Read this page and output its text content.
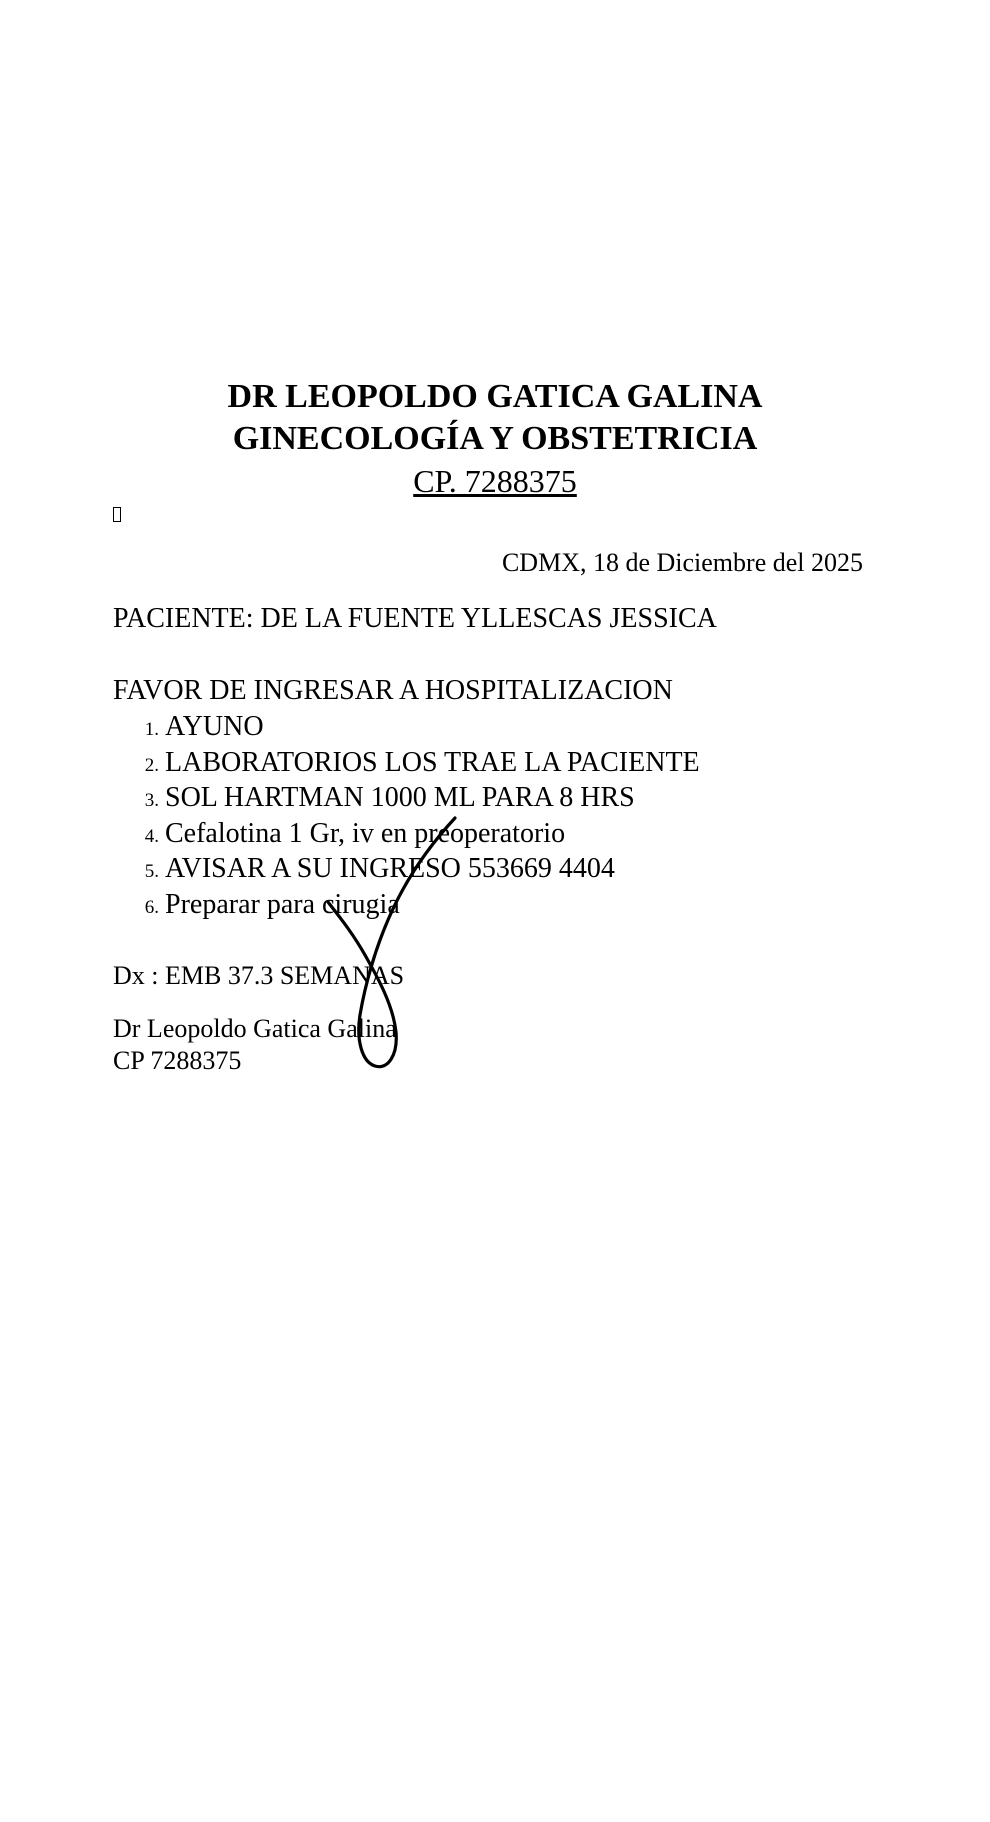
DR LEOPOLDO GATICA GALINA
GINECOLOGÍA Y OBSTETRICIA
CP. 7288375
CDMX, 18 de Diciembre del 2025
PACIENTE: DE LA FUENTE YLLESCAS JESSICA
FAVOR DE INGRESAR A HOSPITALIZACION
1. AYUNO
2. LABORATORIOS LOS TRAE LA PACIENTE
3. SOL HARTMAN 1000 ML PARA 8 HRS
4. Cefalotina 1 Gr, iv en preoperatorio
5. AVISAR A SU INGRESO 553669 4404
6. Preparar para cirugia
Dx : EMB 37.3 SEMANAS
Dr Leopoldo Gatica Galina
CP 7288375
